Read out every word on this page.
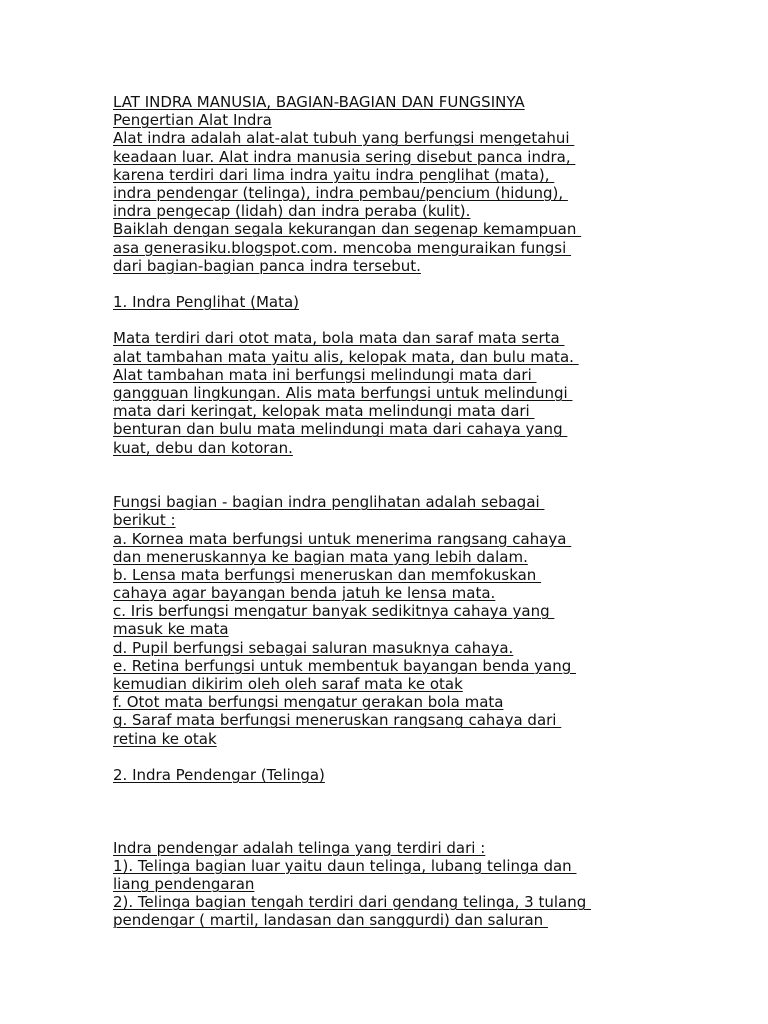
LAT INDRA MANUSIA, BAGIAN-BAGIAN DAN FUNGSINYA
Pengertian Alat Indra
Alat indra adalah alat-alat tubuh yang berfungsi mengetahui
keadaan luar. Alat indra manusia sering disebut panca indra,
karena terdiri dari lima indra yaitu indra penglihat (mata),
indra pendengar (telinga), indra pembau/pencium (hidung),
indra pengecap (lidah) dan indra peraba (kulit).
Baiklah dengan segala kekurangan dan segenap kemampuan
asa generasiku.blogspot.com. mencoba menguraikan fungsi
dari bagian-bagian panca indra tersebut.
1. Indra Penglihat (Mata)
Mata terdiri dari otot mata, bola mata dan saraf mata serta
alat tambahan mata yaitu alis, kelopak mata, dan bulu mata.
Alat tambahan mata ini berfungsi melindungi mata dari
gangguan lingkungan. Alis mata berfungsi untuk melindungi
mata dari keringat, kelopak mata melindungi mata dari
benturan dan bulu mata melindungi mata dari cahaya yang
kuat, debu dan kotoran.
Fungsi bagian - bagian indra penglihatan adalah sebagai
berikut :
a. Kornea mata berfungsi untuk menerima rangsang cahaya
dan meneruskannya ke bagian mata yang lebih dalam.
b. Lensa mata berfungsi meneruskan dan memfokuskan
cahaya agar bayangan benda jatuh ke lensa mata.
c. Iris berfungsi mengatur banyak sedikitnya cahaya yang
masuk ke mata
d. Pupil berfungsi sebagai saluran masuknya cahaya.
e. Retina berfungsi untuk membentuk bayangan benda yang
kemudian dikirim oleh oleh saraf mata ke otak
f. Otot mata berfungsi mengatur gerakan bola mata
g. Saraf mata berfungsi meneruskan rangsang cahaya dari
retina ke otak
2. Indra Pendengar (Telinga)
Indra pendengar adalah telinga yang terdiri dari :
1). Telinga bagian luar yaitu daun telinga, lubang telinga dan
liang pendengaran
2). Telinga bagian tengah terdiri dari gendang telinga, 3 tulang
pendengar ( martil, landasan dan sanggurdi) dan saluran
